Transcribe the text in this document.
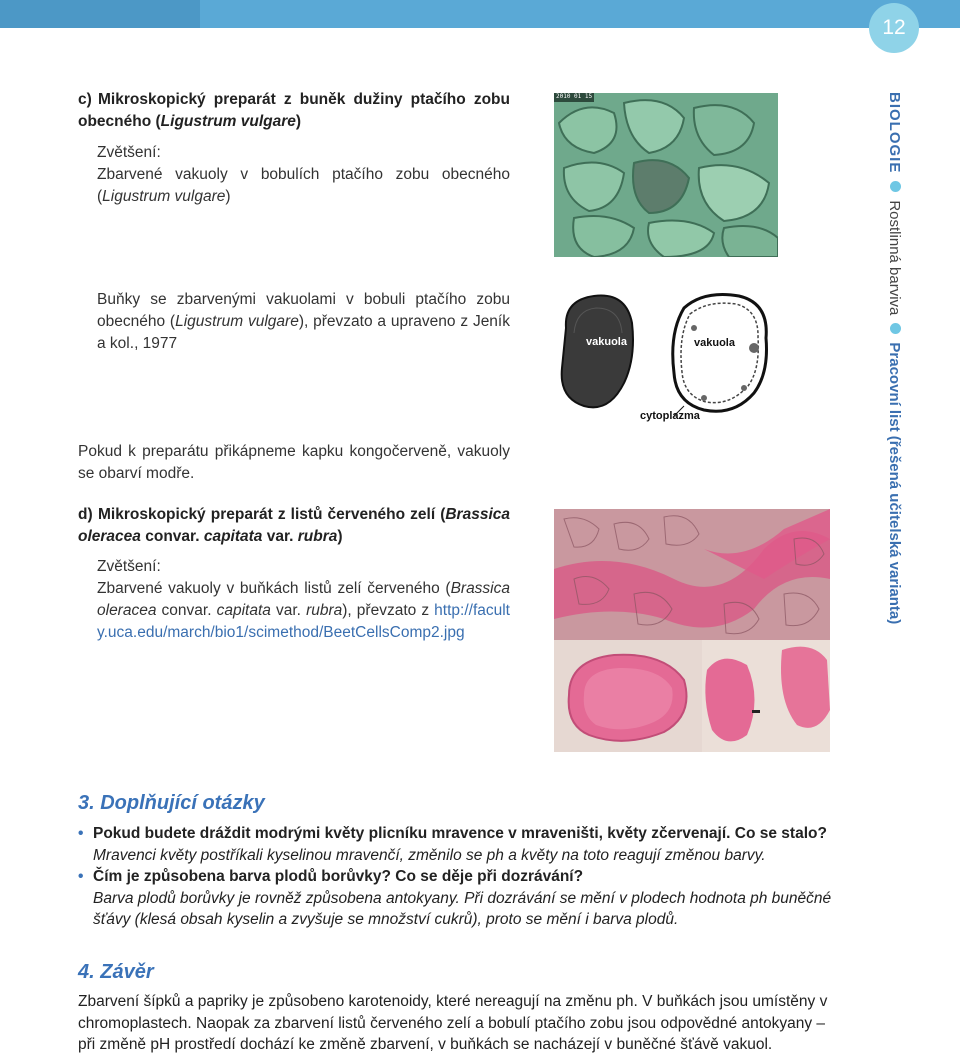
12
BIOLOGIERostlinná barvivaPracovní list (řešená učitelská varianta)
c) Mikroskopický preparát z buněk dužiny ptačího zobu obecného (Ligustrum vulgare)
Zvětšení:
Zbarvené vakuoly v bobulích ptačího zobu obecného (Ligustrum vulgare)
Buňky se zbarvenými vakuolami v bobuli ptačího zobu obecného (Ligustrum vulgare), převzato a upraveno z Jeník a kol., 1977
Pokud k preparátu přikápneme kapku kongočerveně, vakuoly se obarví modře.
d) Mikroskopický preparát z listů červeného zelí (Brassica oleracea convar. capitata var. rubra)
Zvětšení:
Zbarvené vakuoly v buňkách listů zelí červeného (Brassica oleracea convar. capitata var. rubra), převzato z http://faculty.uca.edu/march/bio1/scimethod/BeetCellsComp2.jpg
2010 01 15
vakuola	vakuola
cytoplazma
3. Doplňující otázky
• Pokud budete dráždit modrými květy plicníku mravence v mraveništi, květy zčervenají. Co se stalo?
Mravenci květy postříkali kyselinou mravenčí, změnilo se ph a květy na toto reagují změnou barvy.
• Čím je způsobena barva plodů borůvky? Co se děje při dozrávání?
Barva plodů borůvky je rovněž způsobena antokyany. Při dozrávání se mění v plodech hodnota ph buněčné šťávy (klesá obsah kyselin a zvyšuje se množství cukrů), proto se mění i barva plodů.
4. Závěr
Zbarvení šípků a papriky je způsobeno karotenoidy, které nereagují na změnu ph. V buňkách jsou umístěny v chromoplastech. Naopak za zbarvení listů červeného zelí a bobulí ptačího zobu jsou odpovědné antokyany – při změně pH prostředí dochází ke změně zbarvení, v buňkách se nacházejí v buněčné šťávě vakuol.
